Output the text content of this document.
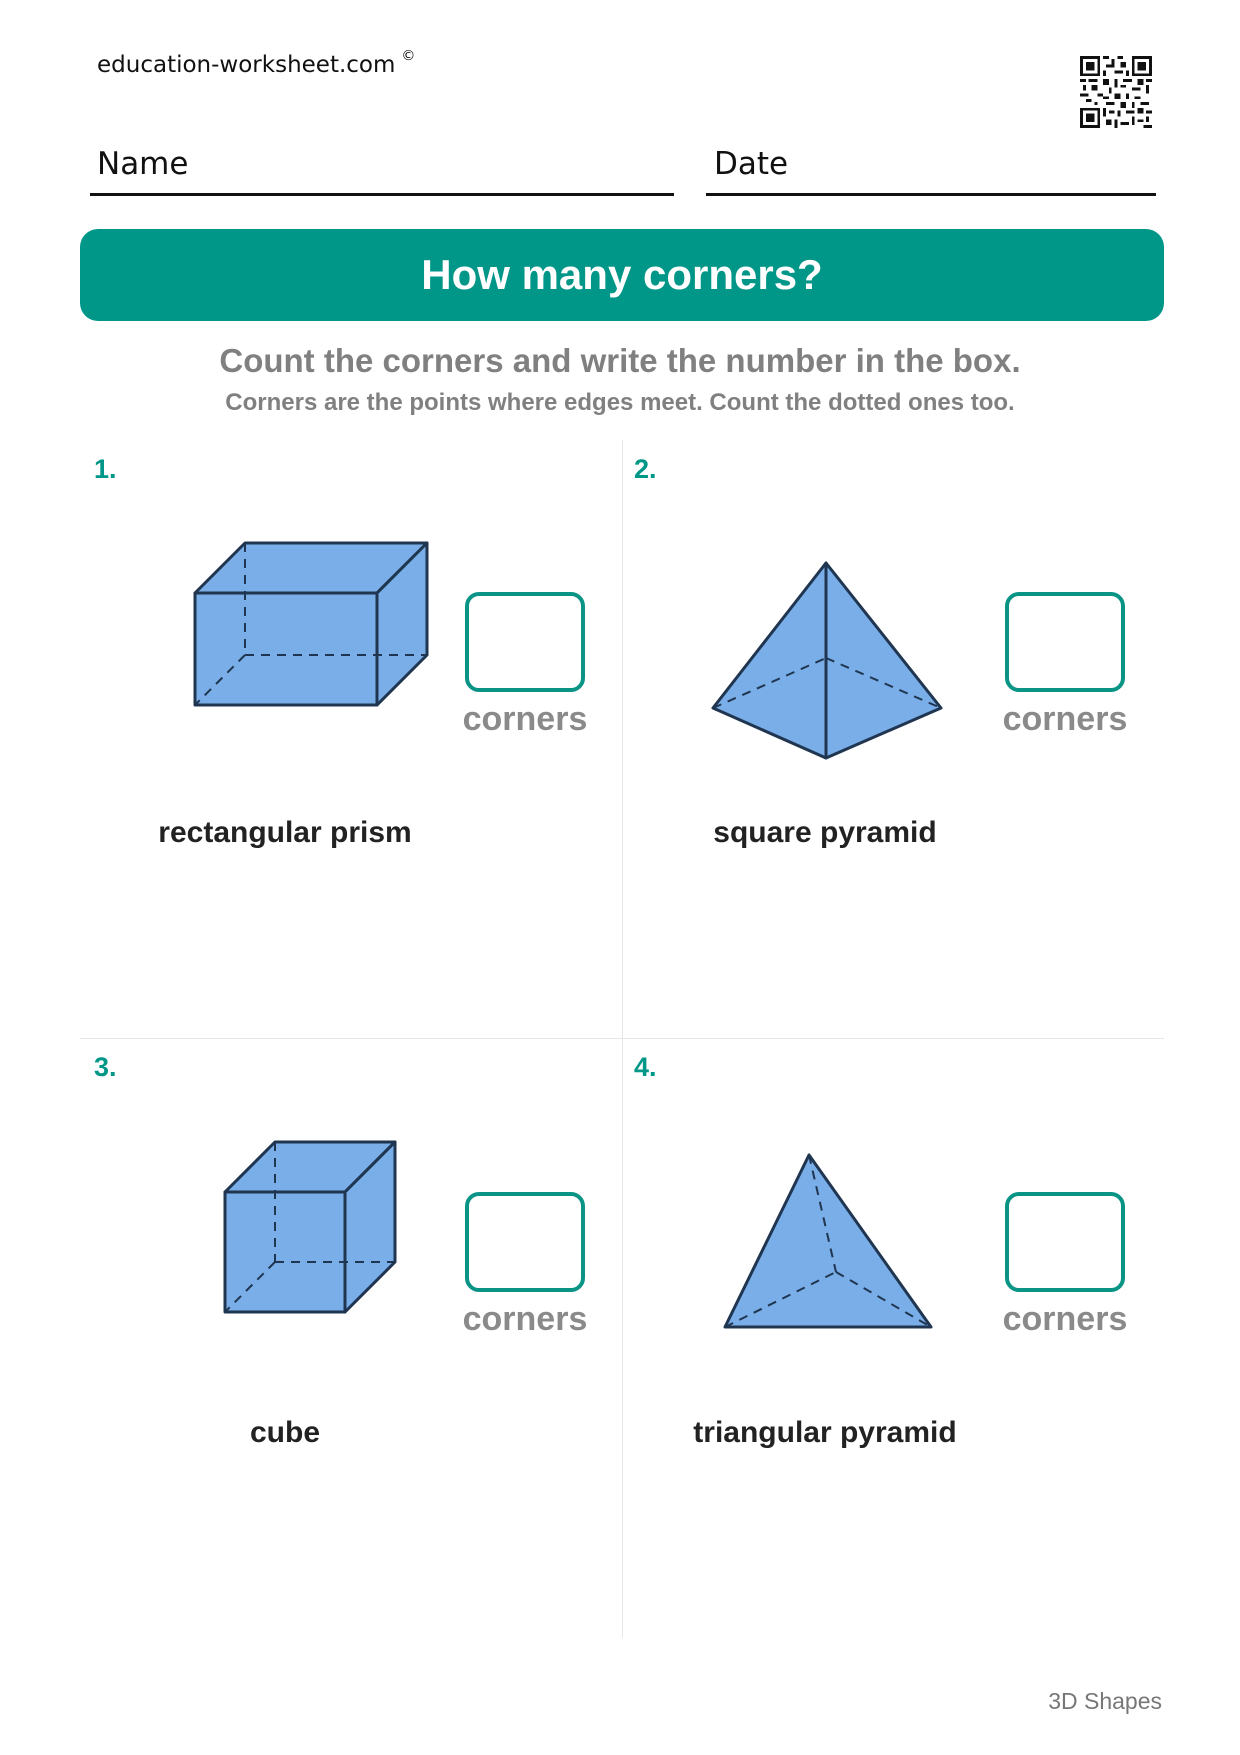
education-worksheet.com ©
Name	Date
How many corners?
Count the corners and write the number in the box.
Corners are the points where edges meet. Count the dotted ones too.
1.
corners
rectangular prism
2.
corners
square pyramid
3.
corners
cube
4.
corners
triangular pyramid
3D Shapes
